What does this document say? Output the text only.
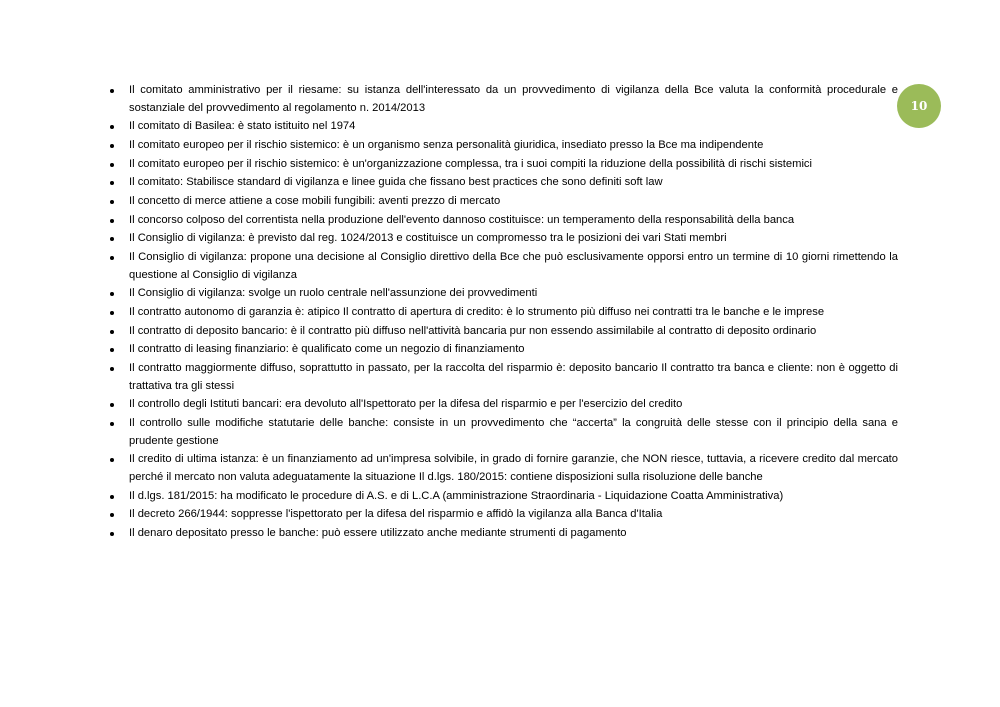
10
Il comitato amministrativo per il riesame: su istanza dell'interessato da un provvedimento di vigilanza della Bce valuta la conformità procedurale e sostanziale del provvedimento al regolamento n. 2014/2013
Il comitato di Basilea: è stato istituito nel 1974
Il comitato europeo per il rischio sistemico: è un organismo senza personalità giuridica, insediato presso la Bce ma indipendente
Il comitato europeo per il rischio sistemico: è un'organizzazione complessa, tra i suoi compiti la riduzione della possibilità di rischi sistemici
Il comitato: Stabilisce standard di vigilanza e linee guida che fissano best practices che sono definiti soft law
Il concetto di merce attiene a cose mobili fungibili: aventi prezzo di mercato
Il concorso colposo del correntista nella produzione dell'evento dannoso costituisce: un temperamento della responsabilità della banca
Il Consiglio di vigilanza: è previsto dal reg. 1024/2013 e costituisce un compromesso tra le posizioni dei vari Stati membri
Il Consiglio di vigilanza: propone una decisione al Consiglio direttivo della Bce che può esclusivamente opporsi entro un termine di 10 giorni rimettendo la questione al Consiglio di vigilanza
Il Consiglio di vigilanza: svolge un ruolo centrale nell'assunzione dei provvedimenti
Il contratto autonomo di garanzia è: atipico Il contratto di apertura di credito: è lo strumento più diffuso nei contratti tra le banche e le imprese
Il contratto di deposito bancario: è il contratto più diffuso nell'attività bancaria pur non essendo assimilabile al contratto di deposito ordinario
Il contratto di leasing finanziario: è qualificato come un negozio di finanziamento
Il contratto maggiormente diffuso, soprattutto in passato, per la raccolta del risparmio è: deposito bancario Il contratto tra banca e cliente: non è oggetto di trattativa tra gli stessi
Il controllo degli Istituti bancari: era devoluto all'Ispettorato per la difesa del risparmio e per l'esercizio del credito
Il controllo sulle modifiche statutarie delle banche: consiste in un provvedimento che “accerta” la congruità delle stesse con il principio della sana e prudente gestione
Il credito di ultima istanza: è un finanziamento ad un'impresa solvibile, in grado di fornire garanzie, che NON riesce, tuttavia, a ricevere credito dal mercato perché il mercato non valuta adeguatamente la situazione Il d.lgs. 180/2015: contiene disposizioni sulla risoluzione delle banche
Il d.lgs. 181/2015: ha modificato le procedure di A.S. e di L.C.A (amministrazione Straordinaria - Liquidazione Coatta Amministrativa)
Il decreto 266/1944: soppresse l'ispettorato per la difesa del risparmio e affidò la vigilanza alla Banca d'Italia
Il denaro depositato presso le banche: può essere utilizzato anche mediante strumenti di pagamento
